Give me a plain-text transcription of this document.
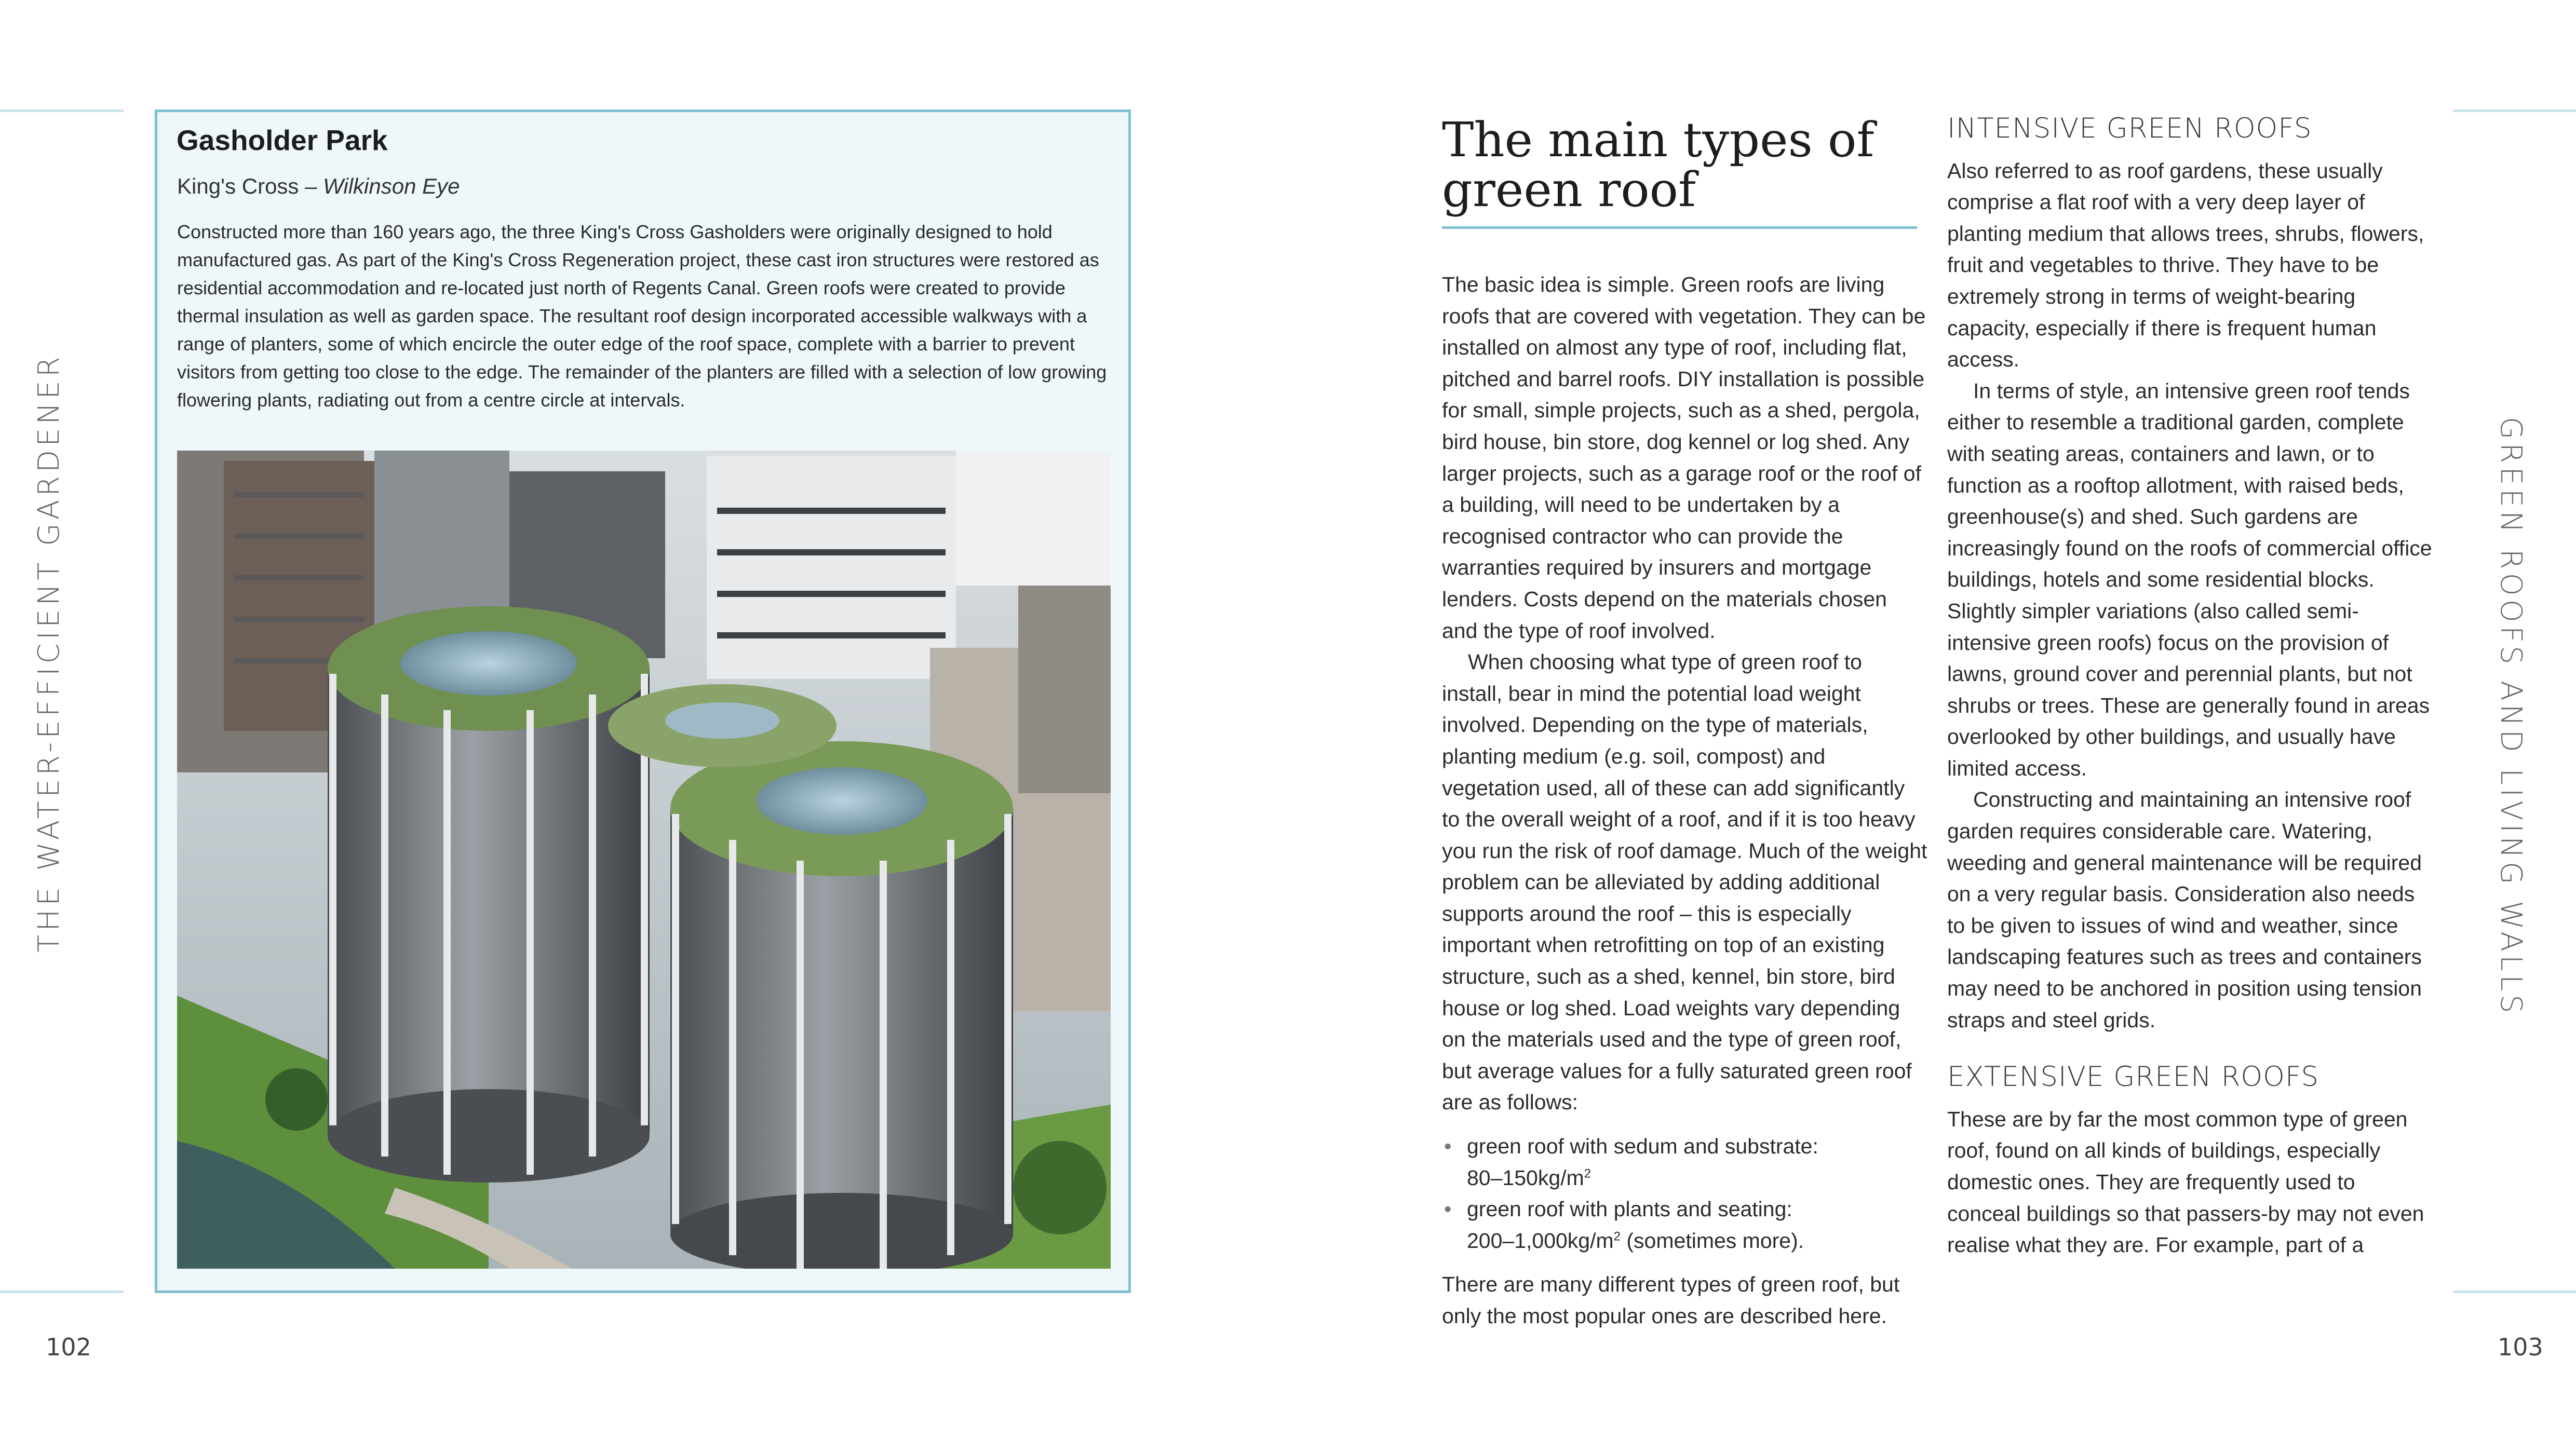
THE WATER-EFFICIENT GARDENER	GREEN ROOFS AND LIVING WALLS
102	103
Gasholder Park
King's Cross – Wilkinson Eye
Constructed more than 160 years ago, the three King's Cross Gasholders were originally designed to hold manufactured gas. As part of the King's Cross Regeneration project, these cast iron structures were restored as residential accommodation and re-located just north of Regents Canal. Green roofs were created to provide thermal insulation as well as garden space. The resultant roof design incorporated accessible walkways with a range of planters, some of which encircle the outer edge of the roof space, complete with a barrier to prevent visitors from getting too close to the edge. The remainder of the planters are filled with a selection of low growing flowering plants, radiating out from a centre circle at intervals.
The main types of
green roof

The basic idea is simple. Green roofs are living roofs that are covered with vegetation. They can be installed on almost any type of roof, including flat, pitched and barrel roofs. DIY installation is possible for small, simple projects, such as a shed, pergola, bird house, bin store, dog kennel or log shed. Any larger projects, such as a garage roof or the roof of a building, will need to be undertaken by a recognised contractor who can provide the warranties required by insurers and mortgage lenders. Costs depend on the materials chosen and the type of roof involved.

When choosing what type of green roof to install, bear in mind the potential load weight involved. Depending on the type of materials, planting medium (e.g. soil, compost) and vegetation used, all of these can add significantly to the overall weight of a roof, and if it is too heavy you run the risk of roof damage. Much of the weight problem can be alleviated by adding additional supports around the roof – this is especially important when retrofitting on top of an existing structure, such as a shed, kennel, bin store, bird house or log shed. Load weights vary depending on the materials used and the type of green roof, but average values for a fully saturated green roof are as follows:

• green roof with sedum and substrate:
$80-150kg/m^2$
• green roof with plants and seating:
$200-1,000kg/m^2$ (sometimes more).

There are many different types of green roof, but only the most popular ones are described here.

INTENSIVE GREEN ROOFS

Also referred to as roof gardens, these usually comprise a flat roof with a very deep layer of planting medium that allows trees, shrubs, flowers, fruit and vegetables to thrive. They have to be extremely strong in terms of weight-bearing capacity, especially if there is frequent human access.

In terms of style, an intensive green roof tends either to resemble a traditional garden, complete with seating areas, containers and lawn, or to function as a rooftop allotment, with raised beds, greenhouse(s) and shed. Such gardens are increasingly found on the roofs of commercial office buildings, hotels and some residential blocks. Slightly simpler variations (also called semi-intensive green roofs) focus on the provision of lawns, ground cover and perennial plants, but not shrubs or trees. These are generally found in areas overlooked by other buildings, and usually have limited access.

Constructing and maintaining an intensive roof garden requires considerable care. Watering, weeding and general maintenance will be required on a very regular basis. Consideration also needs to be given to issues of wind and weather, since landscaping features such as trees and containers may need to be anchored in position using tension straps and steel grids.

EXTENSIVE GREEN ROOFS

These are by far the most common type of green roof, found on all kinds of buildings, especially domestic ones. They are frequently used to conceal buildings so that passers-by may not even realise what they are. For example, part of a
